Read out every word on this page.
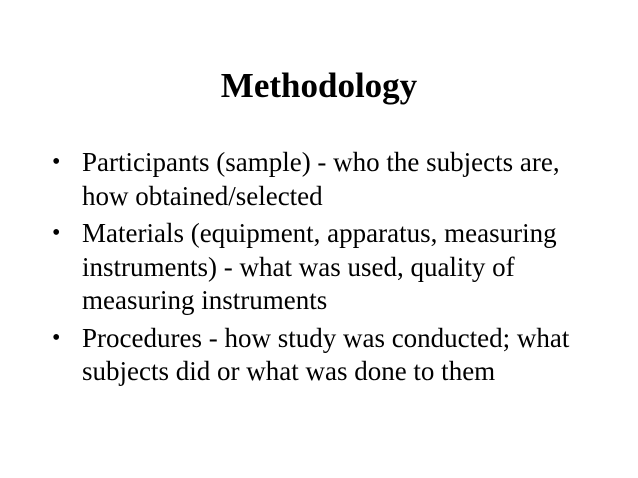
Methodology
• Participants (sample) - who the subjects are, how obtained/selected
• Materials (equipment, apparatus, measuring instruments) - what was used, quality of measuring instruments
• Procedures - how study was conducted; what subjects did or what was done to them
